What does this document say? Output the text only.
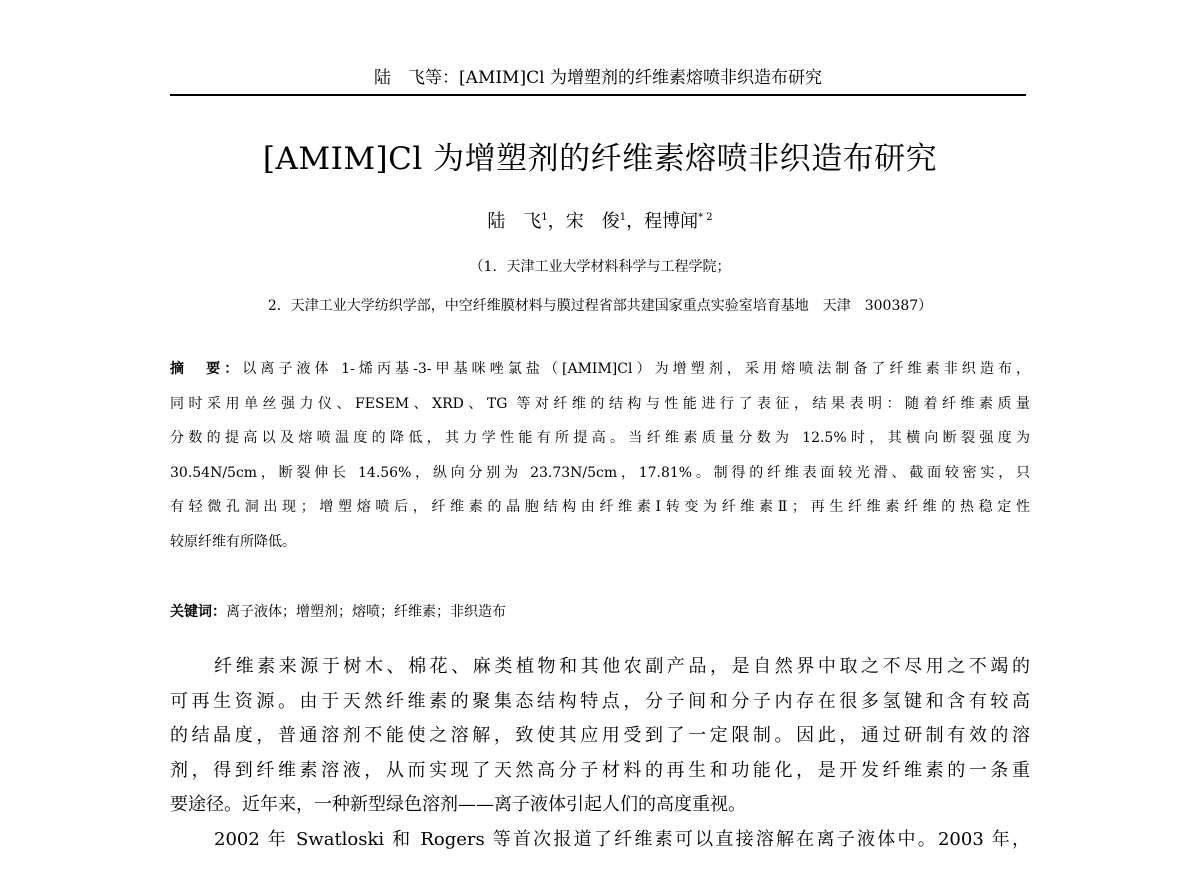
陆　飞等：[AMIM]Cl 为增塑剂的纤维素熔喷非织造布研究
[AMIM]Cl 为增塑剂的纤维素熔喷非织造布研究
陆　飞$^1$，宋　俊$^1$，程博闻$^{* 2}$
（1．天津工业大学材料科学与工程学院；
2．天津工业大学纺织学部，中空纤维膜材料与膜过程省部共建国家重点实验室培育基地　天津　300387）
摘　要：以离子液体 1-烯丙基-3-甲基咪唑氯盐（[AMIM]Cl）为增塑剂，采用熔喷法制备了纤维素非织造布，
同时采用单丝强力仪、FESEM、XRD、TG 等对纤维的结构与性能进行了表征，结果表明：随着纤维素质量
分数的提高以及熔喷温度的降低，其力学性能有所提高。当纤维素质量分数为 12.5%时，其横向断裂强度为
30.54N/5cm，断裂伸长 14.56%，纵向分别为 23.73N/5cm，17.81%。制得的纤维表面较光滑、截面较密实，只
有轻微孔洞出现；增塑熔喷后，纤维素的晶胞结构由纤维素Ⅰ转变为纤维素Ⅱ；再生纤维素纤维的热稳定性
较原纤维有所降低。
关键词：离子液体；增塑剂；熔喷；纤维素；非织造布
纤维素来源于树木、棉花、麻类植物和其他农副产品，是自然界中取之不尽用之不竭的
可再生资源。由于天然纤维素的聚集态结构特点，分子间和分子内存在很多氢键和含有较高
的结晶度，普通溶剂不能使之溶解，致使其应用受到了一定限制。因此，通过研制有效的溶
剂，得到纤维素溶液，从而实现了天然高分子材料的再生和功能化，是开发纤维素的一条重
要途径。近年来，一种新型绿色溶剂——离子液体引起人们的高度重视。
2002 年 Swatloski 和 Rogers 等首次报道了纤维素可以直接溶解在离子液体中。2003 年，
